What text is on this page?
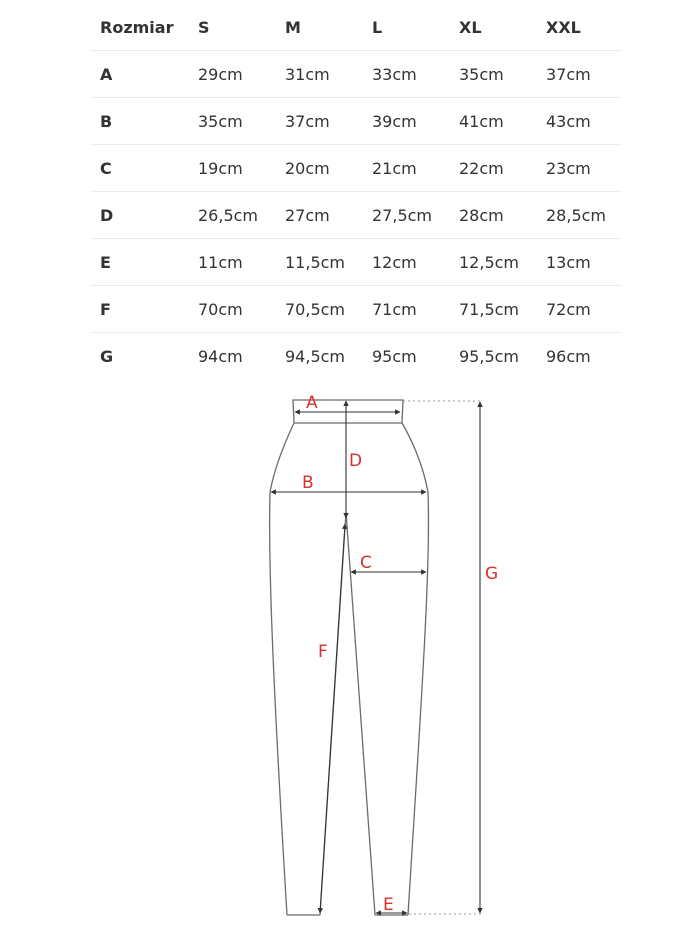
Rozmiar	S	M	L	XL	XXL
A	29cm	31cm	33cm	35cm	37cm
B	35cm	37cm	39cm	41cm	43cm
C	19cm	20cm	21cm	22cm	23cm
D	26,5cm	27cm	27,5cm	28cm	28,5cm
E	11cm	11,5cm	12cm	12,5cm	13cm
F	70cm	70,5cm	71cm	71,5cm	72cm
G	94cm	94,5cm	95cm	95,5cm	96cm
A
B
C
D
E
F
G
